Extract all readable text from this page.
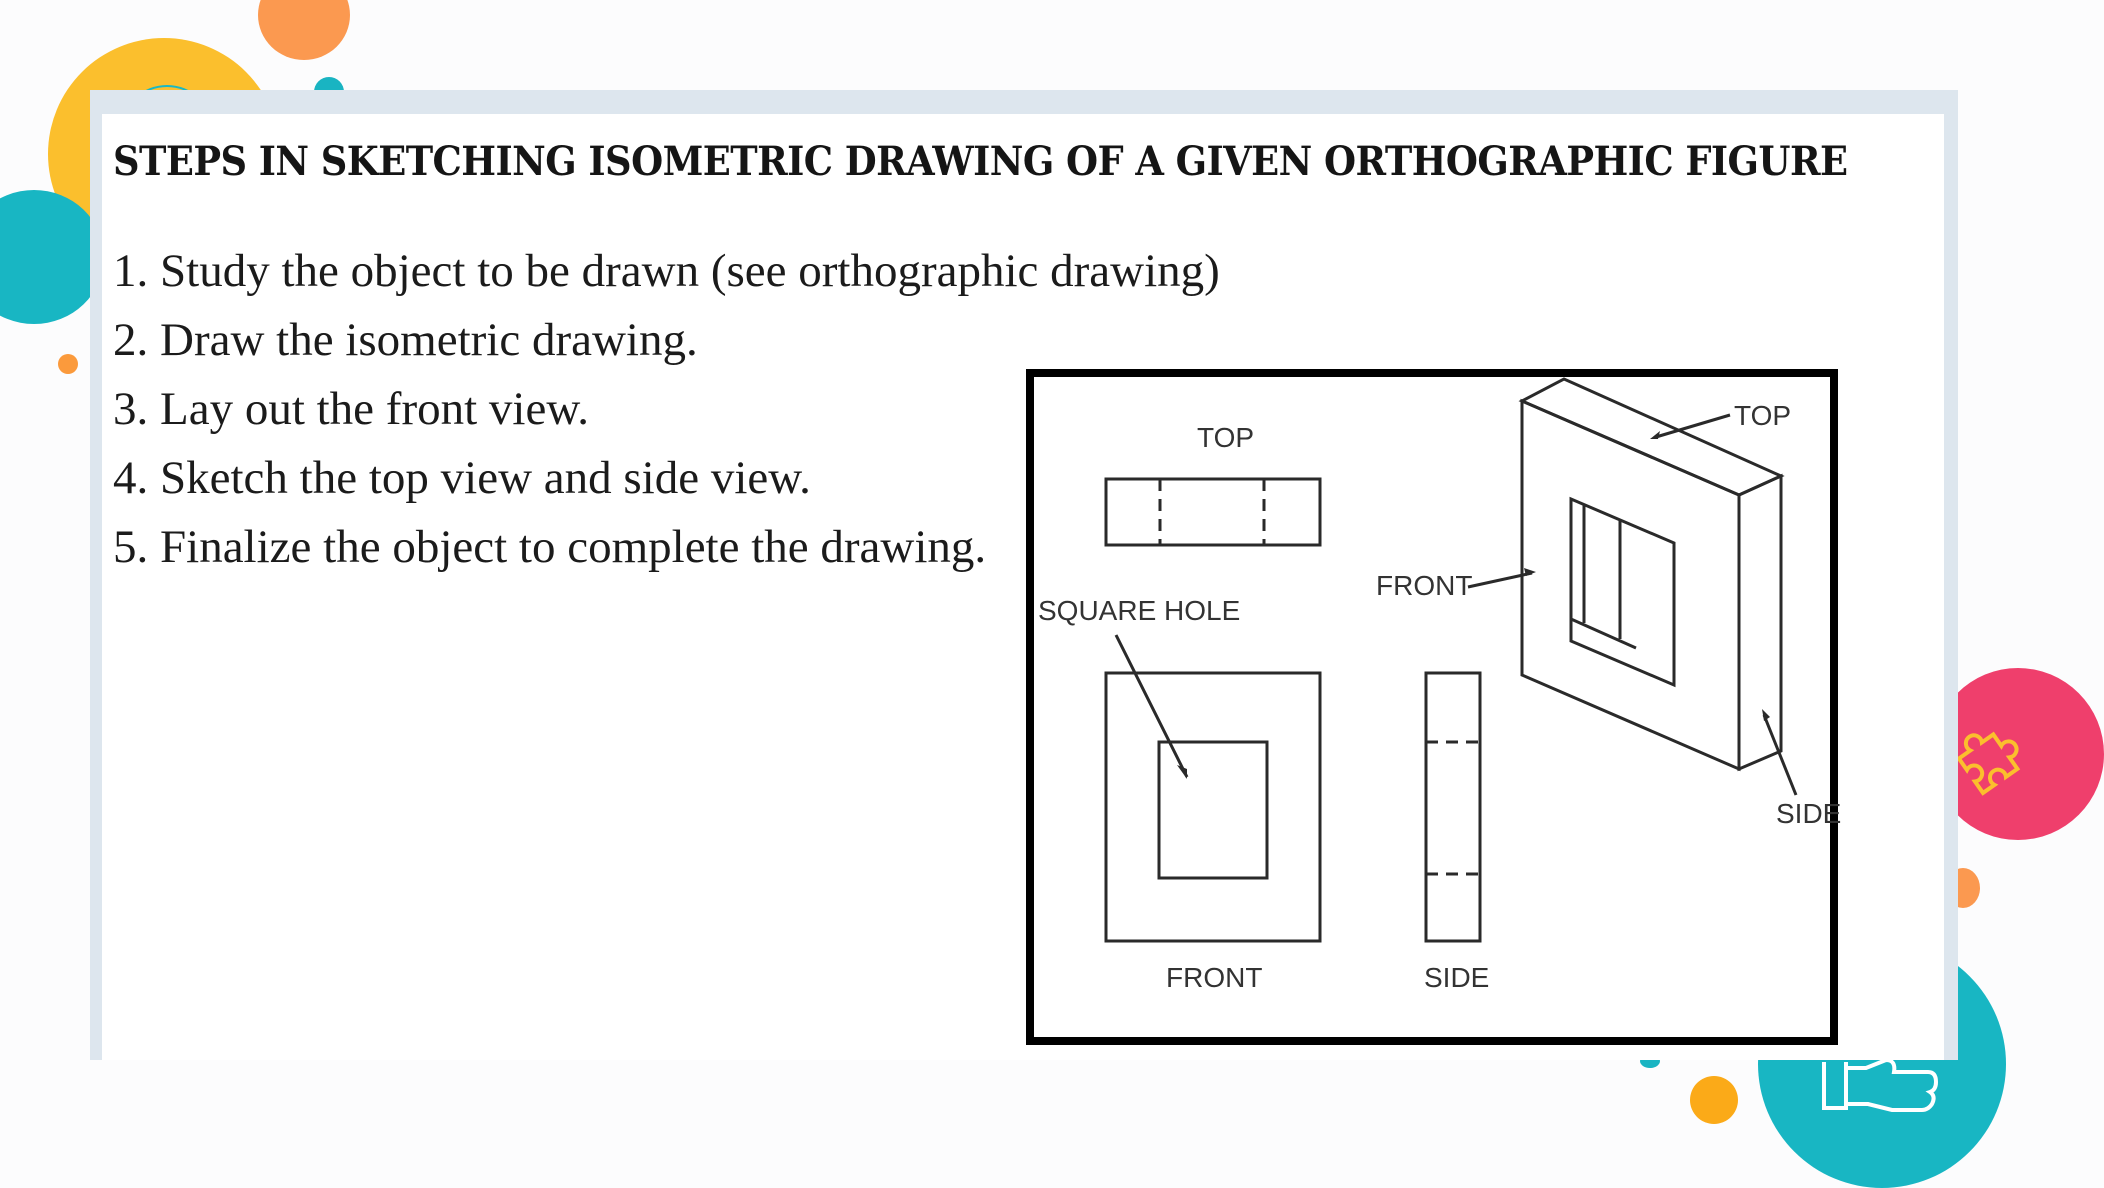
STEPS IN SKETCHING ISOMETRIC DRAWING OF A GIVEN ORTHOGRAPHIC FIGURE
1. Study the object to be drawn (see orthographic drawing)
2. Draw the isometric drawing.
3. Lay out the front view.
4. Sketch the top view and side view.
5. Finalize the object to complete the drawing.
TOP
SQUARE HOLE
FRONT	SIDE
TOP
FRONT
SIDE
